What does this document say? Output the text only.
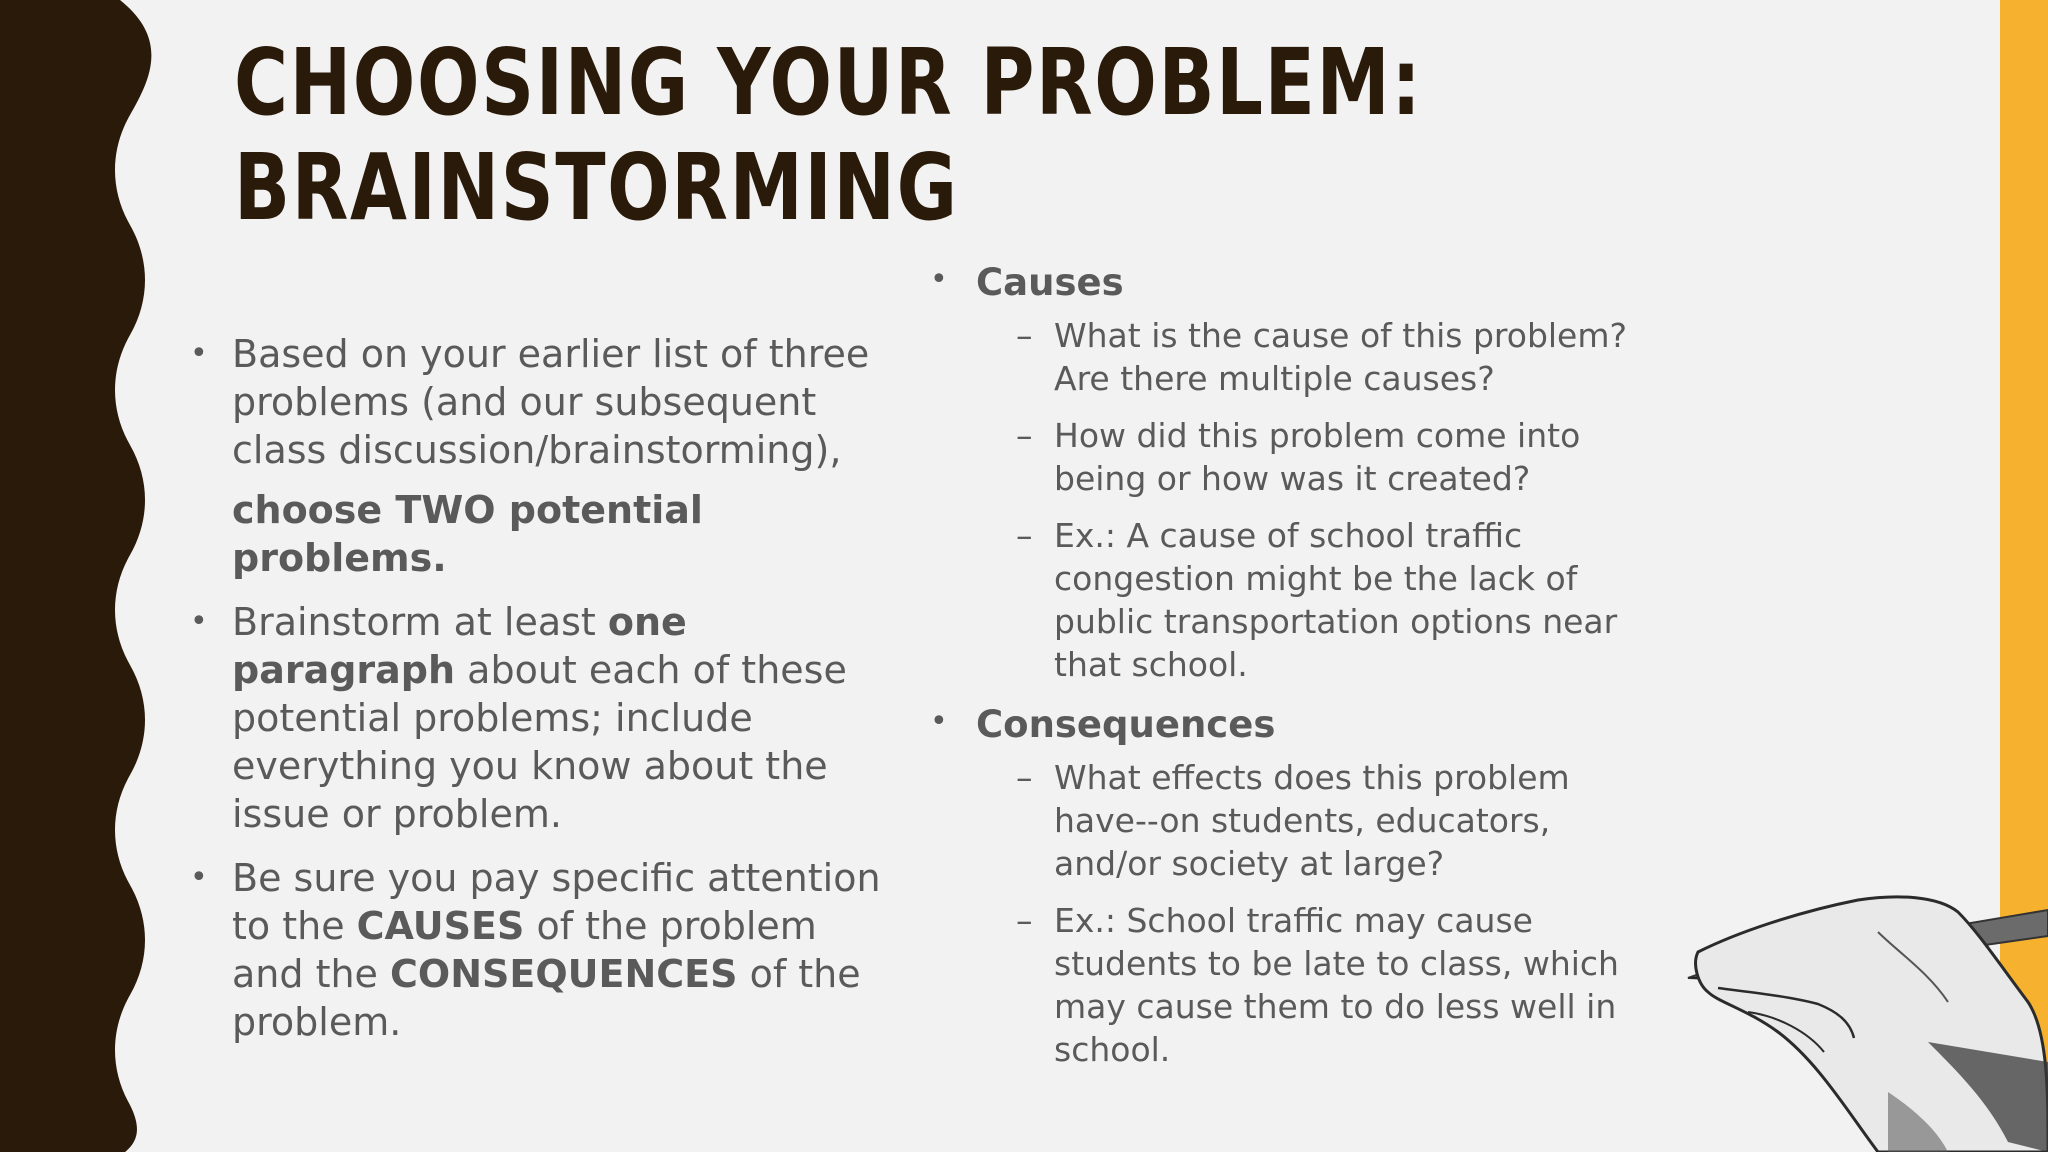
CHOOSING YOUR PROBLEM:
BRAINSTORMING
• Based on your earlier list of three problems (and our subsequent class discussion/brainstorming),
choose TWO potential problems.
• Brainstorm at least one paragraph about each of these potential problems; include everything you know about the issue or problem.
• Be sure you pay specific attention to the CAUSES of the problem and the CONSEQUENCES of the problem.
• Causes
– What is the cause of this problem? Are there multiple causes?
– How did this problem come into being or how was it created?
– Ex.: A cause of school traffic congestion might be the lack of public transportation options near that school.
• Consequences
– What effects does this problem have--on students, educators, and/or society at large?
– Ex.: School traffic may cause students to be late to class, which may cause them to do less well in school.
